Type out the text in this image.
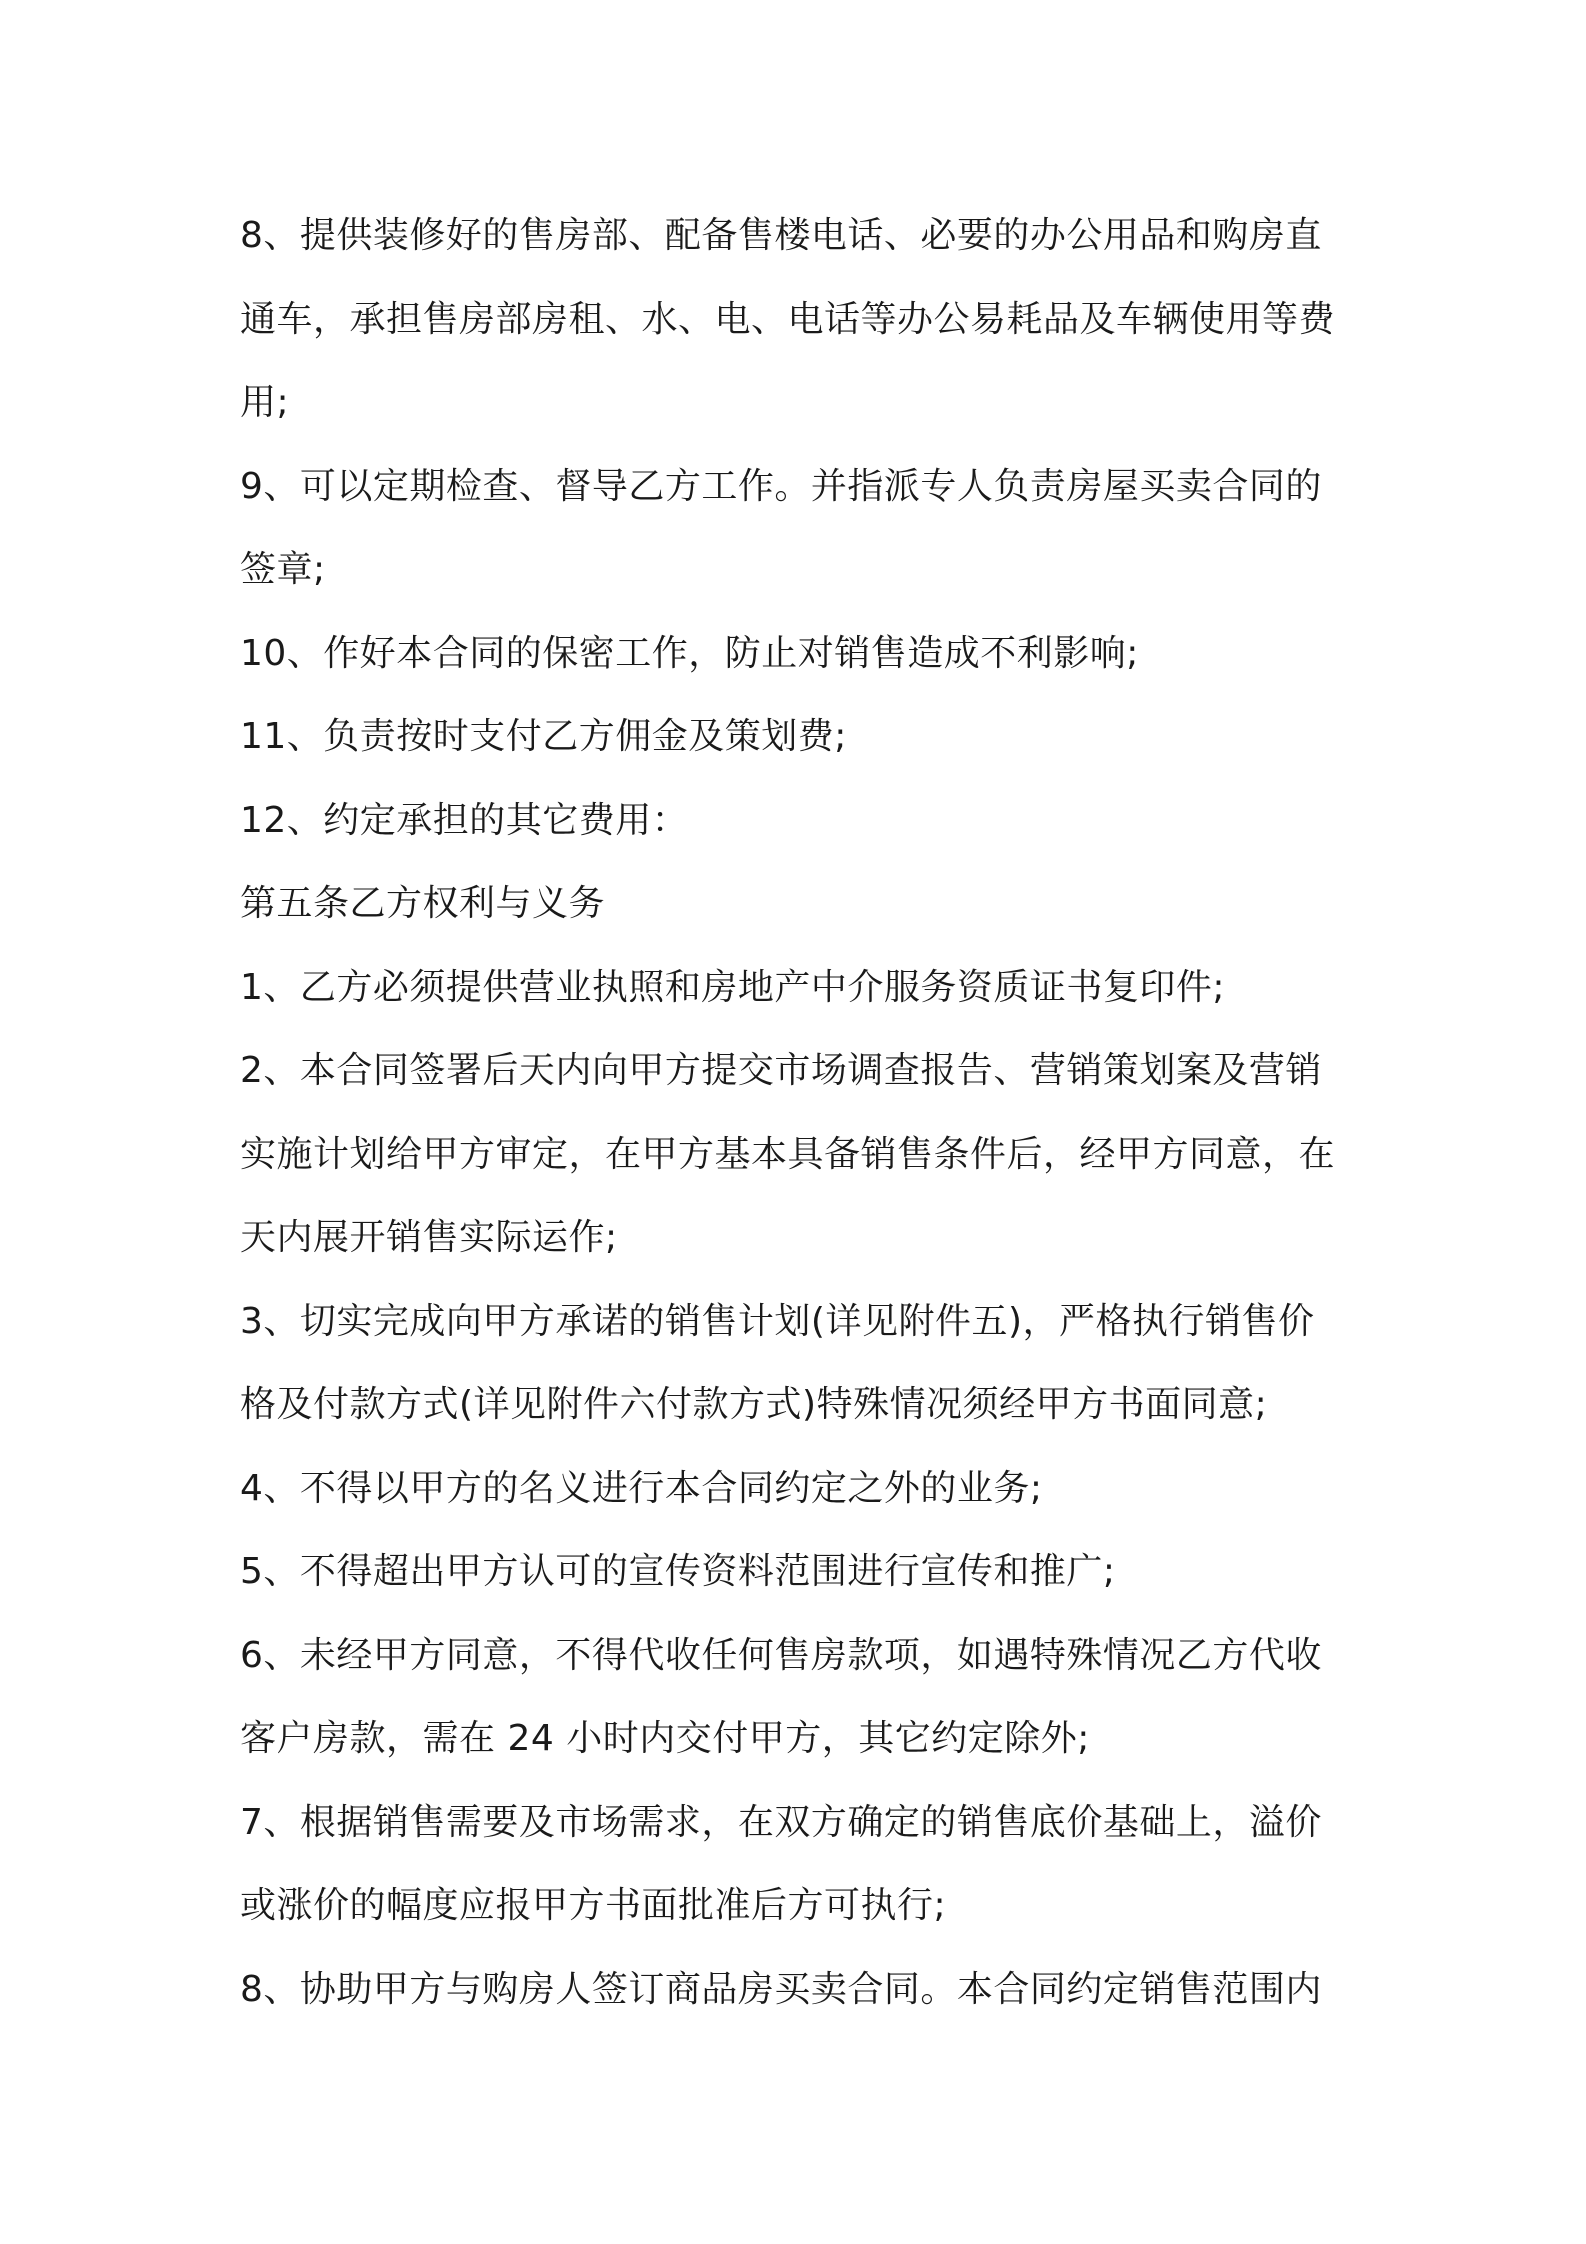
8、提供装修好的售房部、配备售楼电话、必要的办公用品和购房直
通车，承担售房部房租、水、电、电话等办公易耗品及车辆使用等费
用;
9、可以定期检查、督导乙方工作。并指派专人负责房屋买卖合同的
签章;
10、作好本合同的保密工作，防止对销售造成不利影响;
11、负责按时支付乙方佣金及策划费;
12、约定承担的其它费用：
第五条乙方权利与义务
1、乙方必须提供营业执照和房地产中介服务资质证书复印件;
2、本合同签署后天内向甲方提交市场调查报告、营销策划案及营销
实施计划给甲方审定，在甲方基本具备销售条件后，经甲方同意，在
天内展开销售实际运作;
3、切实完成向甲方承诺的销售计划(详见附件五)，严格执行销售价
格及付款方式(详见附件六付款方式)特殊情况须经甲方书面同意;
4、不得以甲方的名义进行本合同约定之外的业务;
5、不得超出甲方认可的宣传资料范围进行宣传和推广;
6、未经甲方同意，不得代收任何售房款项，如遇特殊情况乙方代收
客户房款，需在 24 小时内交付甲方，其它约定除外;
7、根据销售需要及市场需求，在双方确定的销售底价基础上，溢价
或涨价的幅度应报甲方书面批准后方可执行;
8、协助甲方与购房人签订商品房买卖合同。本合同约定销售范围内
